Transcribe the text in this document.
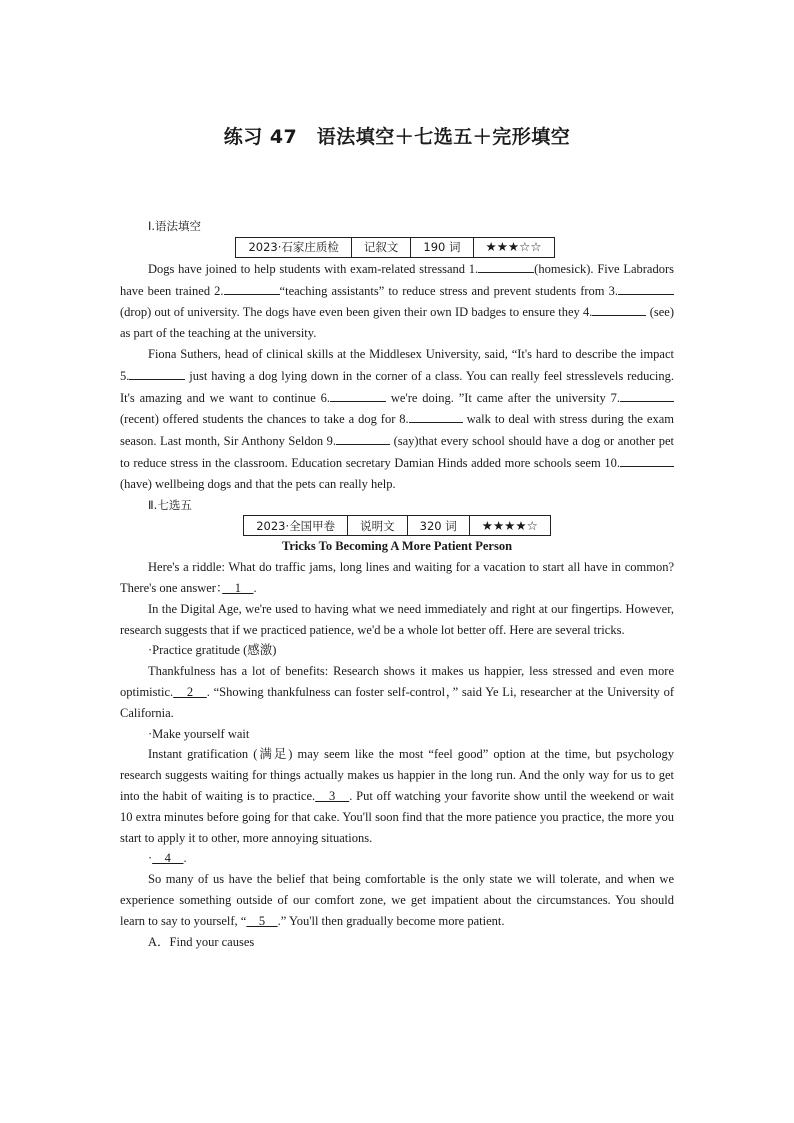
练习 47　语法填空＋七选五＋完形填空
Ⅰ.语法填空
2023·石家庄质检	记叙文	190 词	★★★☆☆

Dogs have joined to help students with exam-related stressand 1.	(homesick). Five Labradors have been trained 2.	“teaching assistants” to reduce stress and prevent students from 3.(drop) out of university. The dogs have even been given their own ID badges to ensure they 4.	(see) as part of the teaching at the university.

Fiona Suthers, head of clinical skills at the Middlesex University, said, “It's hard to describe the impact 5.	just having a dog lying down in the corner of a class. You can really feel stresslevels reducing. It's amazing and we want to continue 6.	we're doing. ”It came after the university 7. (recent) offered students the chances to take a dog for 8.	walk to deal with stress during the exam season. Last month, Sir Anthony Seldon 9.	(say)that every school should have a dog or another pet to reduce stress in the classroom. Education secretary Damian Hinds added more schools seem 10. (have) wellbeing dogs and that the pets can really help.

Ⅱ.七选五
2023·全国甲卷	说明文	320 词	★★★★☆

Tricks To Becoming A More Patient Person

Here's a riddle: What do traffic jams, long lines and waiting for a vacation to start all have in common? There's one answer：　1　.

In the Digital Age, we're used to having what we need immediately and right at our fingertips. However, research suggests that if we practiced patience, we'd be a whole lot better off. Here are several tricks.

·Practice gratitude (感激)

Thankfulness has a lot of benefits: Research shows it makes us happier, less stressed and even more optimistic.　2　. “Showing thankfulness can foster self-control，” said Ye Li, researcher at the University of California.

·Make yourself wait

Instant gratification (满足) may seem like the most “feel good” option at the time, but psychology research suggests waiting for things actually makes us happier in the long run. And the only way for us to get into the habit of waiting is to practice.　3　. Put off watching your favorite show until the weekend or wait 10 extra minutes before going for that cake. You'll soon find that the more patience you practice, the more you start to apply it to other, more annoying situations.

·　4　.

So many of us have the belief that being comfortable is the only state we will tolerate, and when we experience something outside of our comfort zone, we get impatient about the circumstances. You should learn to say to yourself, “　5　.” You'll then gradually become more patient.

A．Find your causes
